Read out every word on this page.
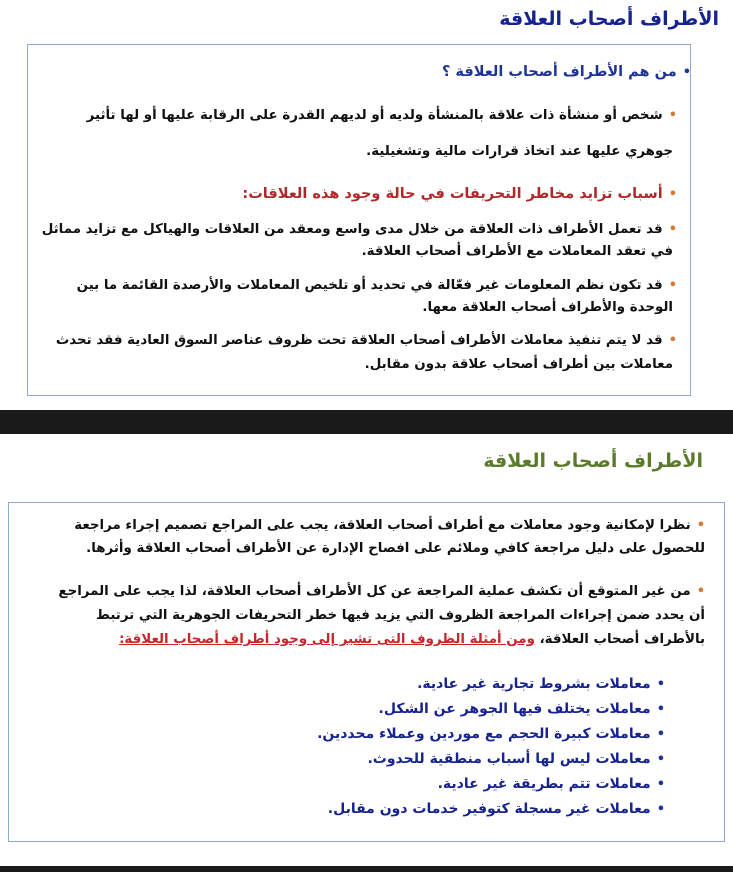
الأطراف أصحاب العلاقة

•من هم الأطراف أصحاب العلاقة ؟

•شخص أو منشأة ذات علاقة بالمنشأة ولديه أو لديهم القدرة على الرقابة عليها أو لها تأثير

جوهري عليها عند اتخاذ قرارات مالية وتشغيلية.

•أسباب تزايد مخاطر التحريفات في حالة وجود هذه العلاقات:

•قد تعمل الأطراف ذات العلاقة من خلال مدى واسع ومعقد من العلاقات والهياكل مع تزايد مماثل

في تعقد المعاملات مع الأطراف أصحاب العلاقة.

•قد تكون نظم المعلومات غير فعّالة في تحديد أو تلخيص المعاملات والأرصدة القائمة ما بين

الوحدة والأطراف أصحاب العلاقة معها.

•قد لا يتم تنفيذ معاملات الأطراف أصحاب العلاقة تحت ظروف عناصر السوق العادية فقد تحدث

معاملات بين أطراف أصحاب علاقة بدون مقابل.

الأطراف أصحاب العلاقة

•نظرا لإمكانية وجود معاملات مع أطراف أصحاب العلاقة، يجب على المراجع تصميم إجراء مراجعة

للحصول على دليل مراجعة كافي وملائم على افصاح الإدارة عن الأطراف أصحاب العلاقة وأثرها.

•من غير المتوقع أن تكشف عملية المراجعة عن كل الأطراف أصحاب العلاقة، لذا يجب على المراجع

أن يحدد ضمن إجراءات المراجعة الظروف التي يزيد فيها خطر التحريفات الجوهرية التي ترتبط

بالأطراف أصحاب العلاقة، ومن أمثلة الظروف التى تشير إلى وجود أطراف أصحاب العلاقة:

•معاملات بشروط تجارية غير عادية.

•معاملات يختلف فيها الجوهر عن الشكل.

•معاملات كبيرة الحجم مع موردين وعملاء محددين.

•معاملات ليس لها أسباب منطقية للحدوث.

•معاملات تتم بطريقة غير عادية.

•معاملات غير مسجلة كتوفير خدمات دون مقابل.
